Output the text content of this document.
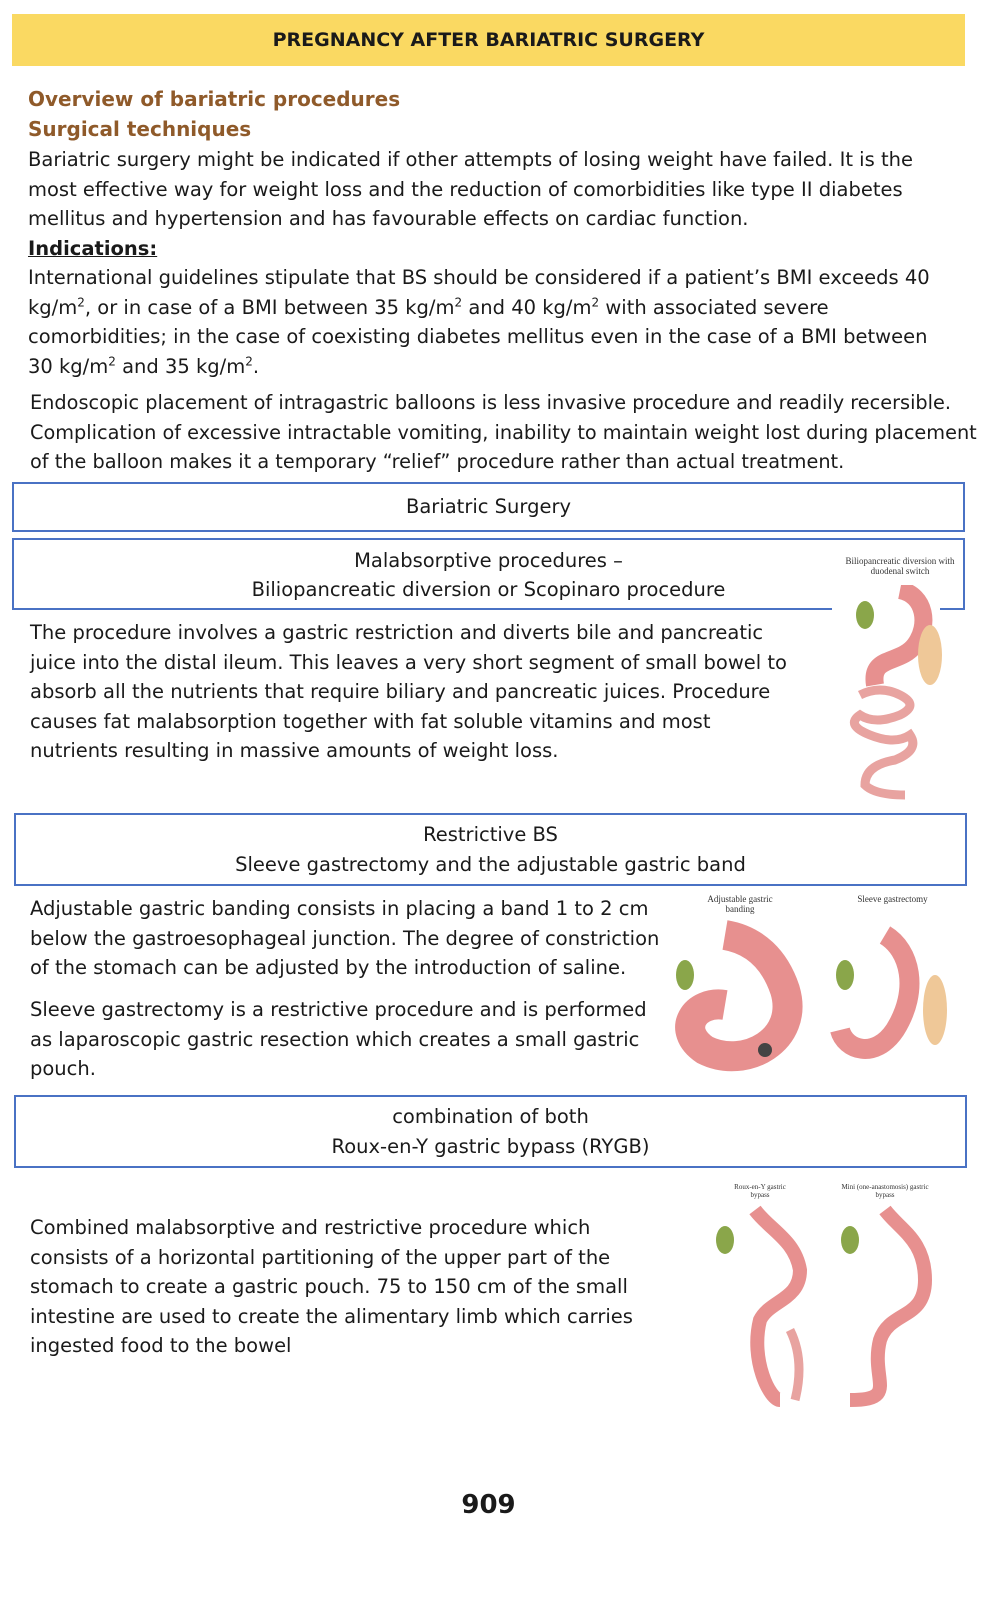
PREGNANCY AFTER BARIATRIC SURGERY
Overview of bariatric procedures
Surgical techniques
Bariatric surgery might be indicated if other attempts of losing weight have failed. It is the most effective way for weight loss and the reduction of comorbidities like type II diabetes mellitus and hypertension and has favourable effects on cardiac function.
Indications:
International guidelines stipulate that BS should be considered if a patient’s BMI exceeds 40 $kg/m^2$, or in case of a BMI between 35 $kg/m^2$ and 40 $kg/m^2$ with associated severe comorbidities; in the case of coexisting diabetes mellitus even in the case of a BMI between 30 $kg/m^2$ and 35 $kg/m^2$.
Endoscopic placement of intragastric balloons is less invasive procedure and readily recersible. Complication of excessive intractable vomiting, inability to maintain weight lost during placement of the balloon makes it a temporary “relief” procedure rather than actual treatment.
Bariatric Surgery
Malabsorptive procedures –
Biliopancreatic diversion or Scopinaro procedure
The procedure involves a gastric restriction and diverts bile and pancreatic juice into the distal ileum. This leaves a very short segment of small bowel to absorb all the nutrients that require biliary and pancreatic juices. Procedure causes fat malabsorption together with fat soluble vitamins and most nutrients resulting in massive amounts of weight loss.
Biliopancreatic diversion with duodenal switch
Restrictive BS
Sleeve gastrectomy and the adjustable gastric band
Adjustable gastric banding consists in placing a band 1 to 2 cm below the gastroesophageal junction. The degree of constriction of the stomach can be adjusted by the introduction of saline.
Sleeve gastrectomy is a restrictive procedure and is performed as laparoscopic gastric resection which creates a small gastric pouch.
Adjustable gastric banding
Sleeve gastrectomy
combination of both
Roux-en-Y gastric bypass (RYGB)
Combined malabsorptive and restrictive procedure which consists of a horizontal partitioning of the upper part of the stomach to create a gastric pouch. 75 to 150 cm of the small intestine are used to create the alimentary limb which carries ingested food to the bowel
Roux-en-Y gastric bypass
Mini (one-anastomosis) gastric bypass
909
